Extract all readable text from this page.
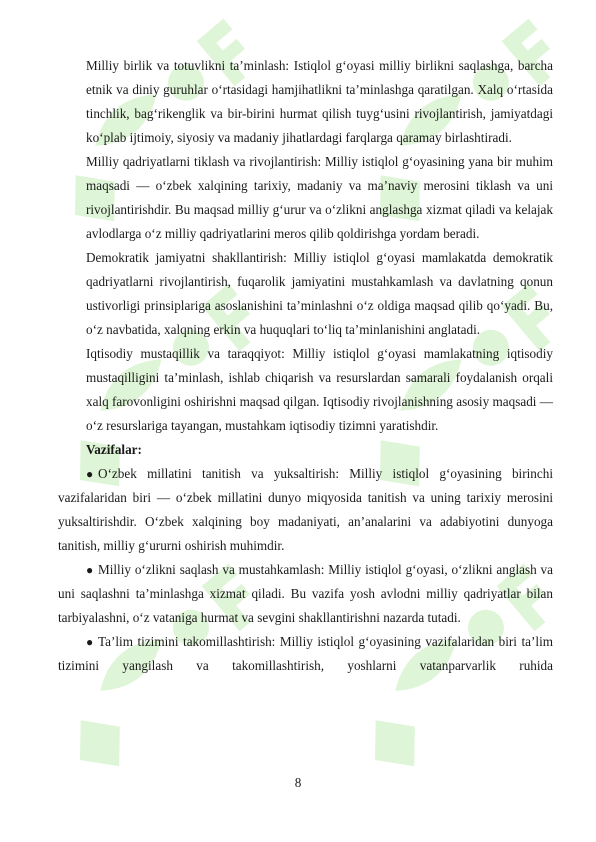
Milliy birlik va totuvlikni ta’minlash: Istiqlol g‘oyasi milliy birlikni saqlashga, barcha etnik va diniy guruhlar o‘rtasidagi hamjihatlikni ta’minlashga qaratilgan. Xalq o‘rtasida tinchlik, bag‘rikenglik va bir-birini hurmat qilish tuyg‘usini rivojlantirish, jamiyatdagi ko‘plab ijtimoiy, siyosiy va madaniy jihatlardagi farqlarga qaramay birlashtiradi.

Milliy qadriyatlarni tiklash va rivojlantirish: Milliy istiqlol g‘oyasining yana bir muhim maqsadi — o‘zbek xalqining tarixiy, madaniy va ma’naviy merosini tiklash va uni rivojlantirishdir. Bu maqsad milliy g‘urur va o‘zlikni anglashga xizmat qiladi va kelajak avlodlarga o‘z milliy qadriyatlarini meros qilib qoldirishga yordam beradi.

Demokratik jamiyatni shakllantirish: Milliy istiqlol g‘oyasi mamlakatda demokratik qadriyatlarni rivojlantirish, fuqarolik jamiyatini mustahkamlash va davlatning qonun ustivorligi prinsiplariga asoslanishini ta’minlashni o‘z oldiga maqsad qilib qo‘yadi. Bu, o‘z navbatida, xalqning erkin va huquqlari to‘liq ta’minlanishini anglatadi.

Iqtisodiy mustaqillik va taraqqiyot: Milliy istiqlol g‘oyasi mamlakatning iqtisodiy mustaqilligini ta’minlash, ishlab chiqarish va resurslardan samarali foydalanish orqali xalq farovonligini oshirishni maqsad qilgan. Iqtisodiy rivojlanishning asosiy maqsadi — o‘z resurslariga tayangan, mustahkam iqtisodiy tizimni yaratishdir.

Vazifalar:

● O‘zbek millatini tanitish va yuksaltirish: Milliy istiqlol g‘oyasining birinchi vazifalaridan biri — o‘zbek millatini dunyo miqyosida tanitish va uning tarixiy merosini yuksaltirishdir. O‘zbek xalqining boy madaniyati, an’analarini va adabiyotini dunyoga tanitish, milliy g‘ururni oshirish muhimdir.

● Milliy o‘zlikni saqlash va mustahkamlash: Milliy istiqlol g‘oyasi, o‘zlikni anglash va uni saqlashni ta’minlashga xizmat qiladi. Bu vazifa yosh avlodni milliy qadriyatlar bilan tarbiyalashni, o‘z vataniga hurmat va sevgini shakllantirishni nazarda tutadi.

● Ta’lim tizimini takomillashtirish: Milliy istiqlol g‘oyasining vazifalaridan biri ta’lim tizimini yangilash va takomillashtirish, yoshlarni vatanparvarlik ruhida

8
